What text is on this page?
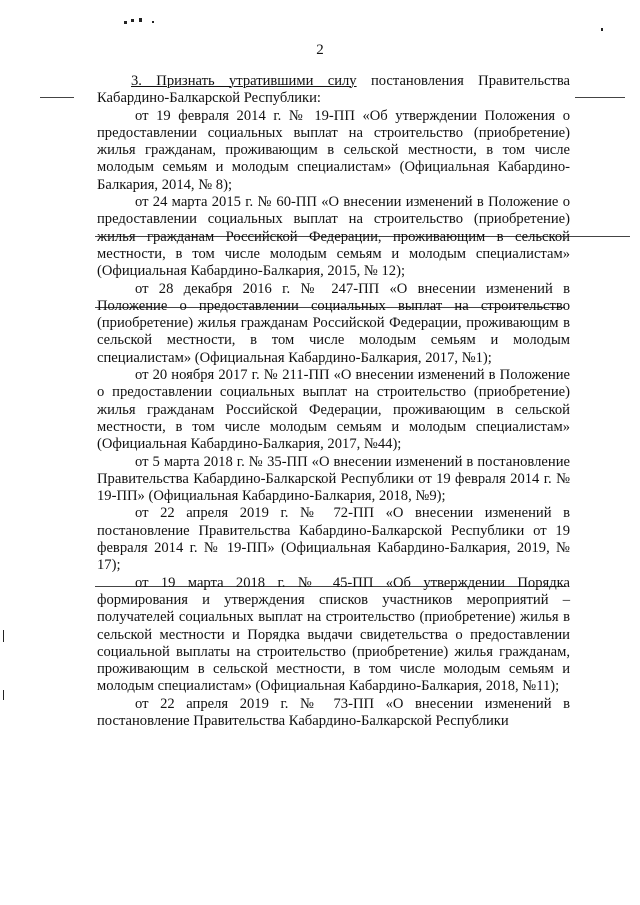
2

3. Признать утратившими силу постановления Правительства Кабардино-Балкарской Республики:

от 19 февраля 2014 г. № 19-ПП «Об утверждении Положения о предоставлении социальных выплат на строительство (приобретение) жилья гражданам, проживающим в сельской местности, в том числе молодым семьям и молодым специалистам» (Официальная Кабардино-Балкария, 2014, № 8);

от 24 марта 2015 г. № 60-ПП «О внесении изменений в Положение о предоставлении социальных выплат на строительство (приобретение) жилья гражданам Российской Федерации, проживающим в сельской местности, в том числе молодым семьям и молодым специалистам» (Официальная Кабардино-Балкария, 2015, № 12);

от 28 декабря 2016 г. № 247-ПП «О внесении изменений в Положение о предоставлении социальных выплат на строительство (приобретение) жилья гражданам Российской Федерации, проживающим в сельской местности, в том числе молодым семьям и молодым специалистам» (Официальная Кабардино-Балкария, 2017, №1);

от 20 ноября 2017 г. № 211-ПП «О внесении изменений в Положение о предоставлении социальных выплат на строительство (приобретение) жилья гражданам Российской Федерации, проживающим в сельской местности, в том числе молодым семьям и молодым специалистам» (Официальная Кабардино-Балкария, 2017, №44);

от 5 марта 2018 г. № 35-ПП «О внесении изменений в постановление Правительства Кабардино-Балкарской Республики от 19 февраля 2014 г. № 19-ПП» (Официальная Кабардино-Балкария, 2018, №9);

от 22 апреля 2019 г. № 72-ПП «О внесении изменений в постановление Правительства Кабардино-Балкарской Республики от 19 февраля 2014 г. № 19-ПП» (Официальная Кабардино-Балкария, 2019, № 17);

от 19 марта 2018 г. № 45-ПП «Об утверждении Порядка формирования и утверждения списков участников мероприятий – получателей социальных выплат на строительство (приобретение) жилья в сельской местности и Порядка выдачи свидетельства о предоставлении социальной выплаты на строительство (приобретение) жилья гражданам, проживающим в сельской местности, в том числе молодым семьям и молодым специалистам» (Официальная Кабардино-Балкария, 2018, №11);

от 22 апреля 2019 г. № 73-ПП «О внесении изменений в постановление Правительства Кабардино-Балкарской Республики
